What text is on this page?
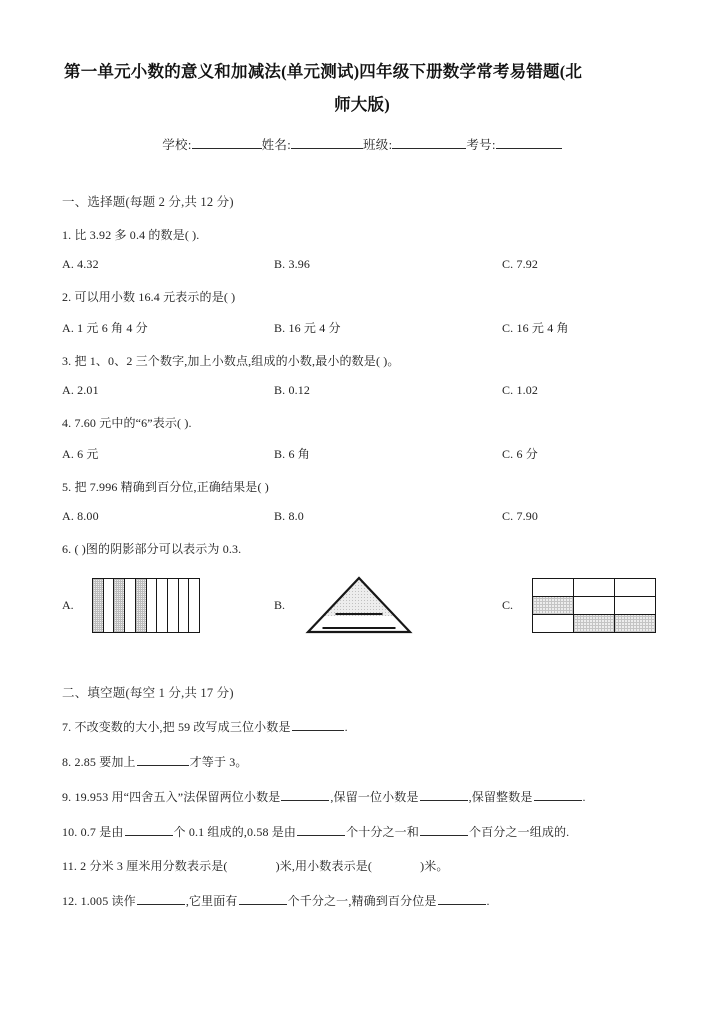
第一单元小数的意义和加减法(单元测试)四年级下册数学常考易错题(北
师大版)
学校:	姓名:	班级:	考号:
一、选择题(每题 2 分,共 12 分)
1. 比 3.92 多 0.4 的数是( ).
A. 4.32	B. 3.96	C. 7.92
2. 可以用小数 16.4 元表示的是( )
A. 1 元 6 角 4 分	B. 16 元 4 分	C. 16 元 4 角
3. 把 1、0、2 三个数字,加上小数点,组成的小数,最小的数是( )。
A. 2.01	B. 0.12	C. 1.02
4. 7.60 元中的“6”表示( ).
A. 6 元	B. 6 角	C. 6 分
5. 把 7.996 精确到百分位,正确结果是( )
A. 8.00	B. 8.0	C. 7.90
6. ( )图的阴影部分可以表示为 0.3.
A.	B.	C.
二、填空题(每空 1 分,共 17 分)
7. 不改变数的大小,把 59 改写成三位小数是	.
8. 2.85 要加上	才等于 3。
9. 19.953 用“四舍五入”法保留两位小数是	,保留一位小数是	,保留整数是	.
10. 0.7 是由	个 0.1 组成的,0.58 是由	个十分之一和	个百分之一组成的.
11. 2 分米 3 厘米用分数表示是(	)米,用小数表示是(	)米。
12. 1.005 读作	,它里面有	个千分之一,精确到百分位是	.
